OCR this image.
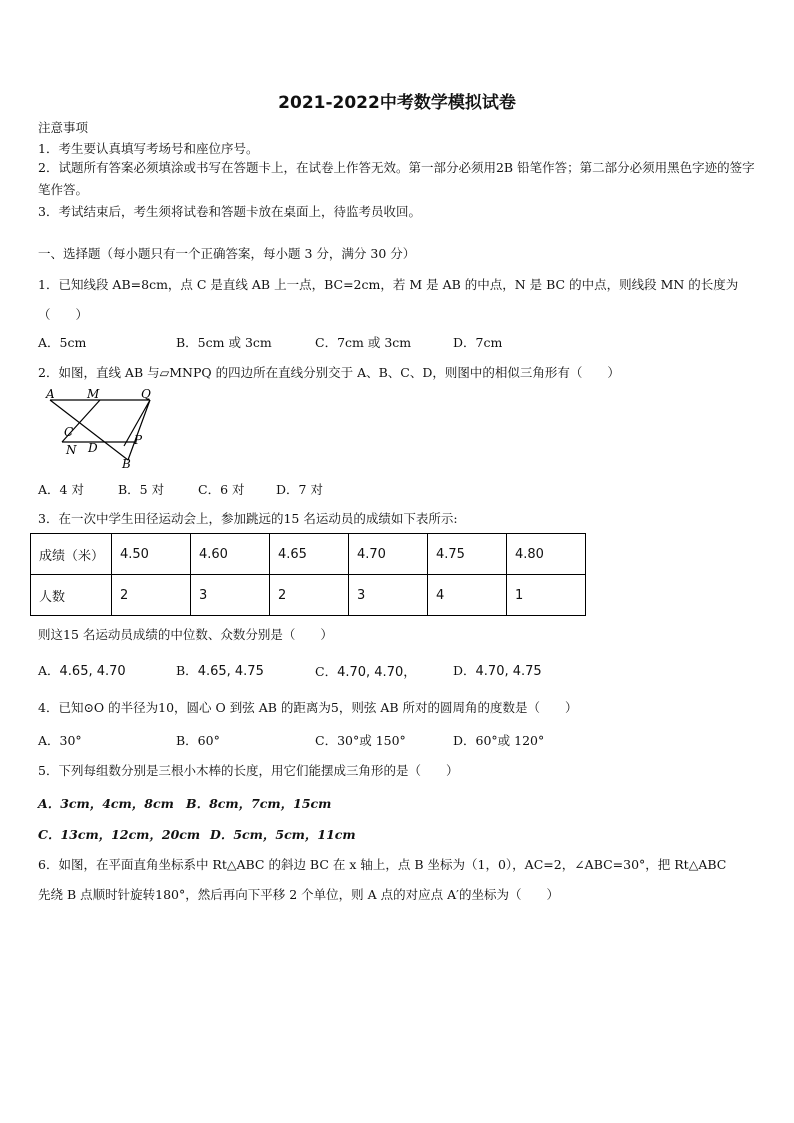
2021-2022中考数学模拟试卷
注意事项
1．考生要认真填写考场号和座位序号。
2．试题所有答案必须填涂或书写在答题卡上，在试卷上作答无效。第一部分必须用2B 铅笔作答；第二部分必须用黑色字迹的签字笔作答。
3．考试结束后，考生须将试卷和答题卡放在桌面上，待监考员收回。
一、选择题（每小题只有一个正确答案，每小题 3 分，满分 30 分）
1．已知线段 AB=8cm，点 C 是直线 AB 上一点，BC=2cm，若 M 是 AB 的中点，N 是 BC 的中点，则线段 MN 的长度为（　　）
A．5cm	B．5cm 或 3cm	C．7cm 或 3cm	D．7cm
2．如图，直线 AB 与▱MNPQ 的四边所在直线分别交于 A、B、C、D，则图中的相似三角形有（　　）
A	M	Q
C
P
N D
B
A．4 对	B．5 对	C．6 对	D．7 对
3．在一次中学生田径运动会上，参加跳远的15 名运动员的成绩如下表所示:
成绩（米）	4.50	4.60	4.65	4.70	4.75	4.80
人数	2	3	2	3	4	1
则这15 名运动员成绩的中位数、众数分别是（　　）
A．4.65, 4.70	B．4.65, 4.75	C．4.70, 4.70，	D．4.70, 4.75
4．已知⊙O 的半径为10，圆心 O 到弦 AB 的距离为5，则弦 AB 所对的圆周角的度数是（　　）
A．30°	B．60°	C．30°或 150°	D．60°或 120°
5．下列每组数分别是三根小木棒的长度，用它们能摆成三角形的是（　　）
A．3cm，4cm，8cm B．8cm，7cm，15cm
C．13cm，12cm，20cm D．5cm，5cm，11cm
6．如图，在平面直角坐标系中 Rt△ABC 的斜边 BC 在 x 轴上，点 B 坐标为（1，0），AC=2，∠ABC=30°，把 Rt△ABC
先绕 B 点顺时针旋转180°，然后再向下平移 2 个单位，则 A 点的对应点 A′的坐标为（　　）
